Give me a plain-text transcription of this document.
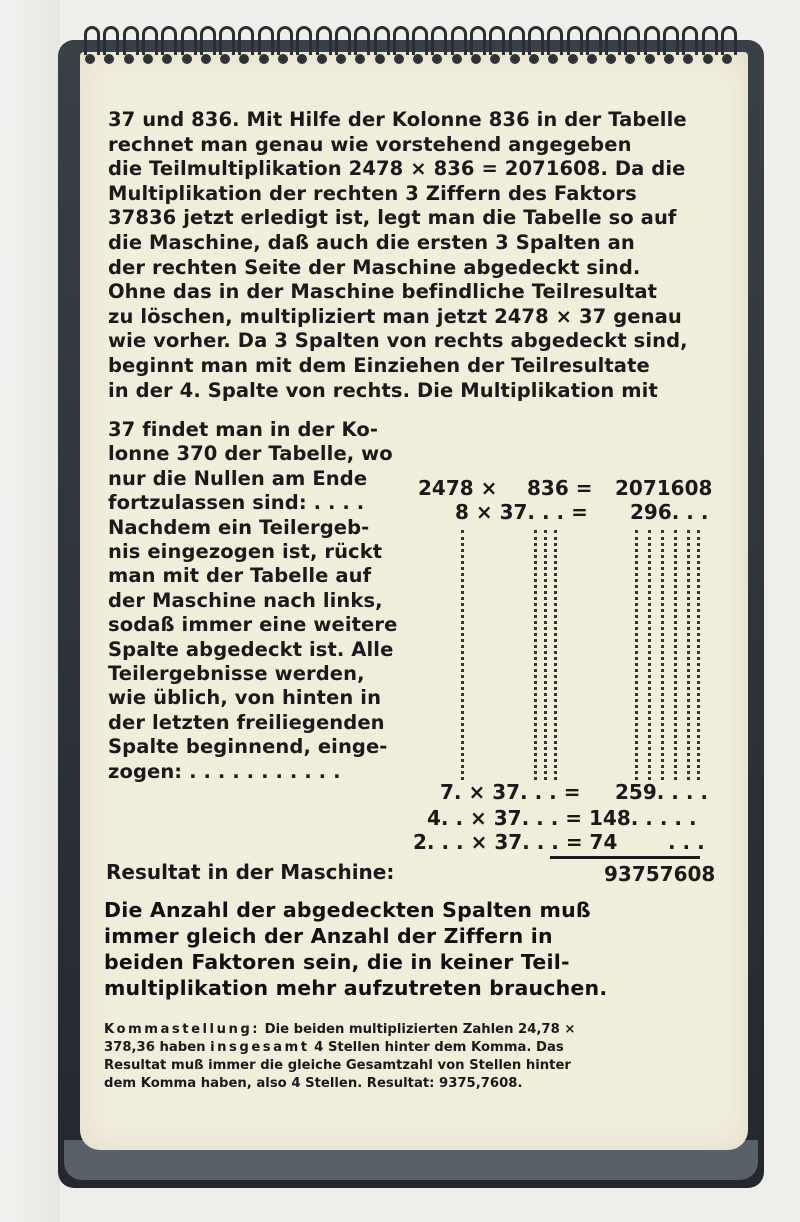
37 und 836. Mit Hilfe der Kolonne 836 in der Tabelle
rechnet man genau wie vorstehend angegeben
die Teilmultiplikation 2478 × 836 = 2071608. Da die
Multiplikation der rechten 3 Ziffern des Faktors
37836 jetzt erledigt ist, legt man die Tabelle so auf
die Maschine, daß auch die ersten 3 Spalten an
der rechten Seite der Maschine abgedeckt sind.
Ohne das in der Maschine befindliche Teilresultat
zu löschen, multipliziert man jetzt 2478 × 37 genau
wie vorher. Da 3 Spalten von rechts abgedeckt sind,
beginnt man mit dem Einziehen der Teilresultate
in der 4. Spalte von rechts. Die Multiplikation mit
37 findet man in der Ko-
lonne 370 der Tabelle, wo
nur die Nullen am Ende
fortzulassen sind: . . . .
Nachdem ein Teilergeb-
nis eingezogen ist, rückt
man mit der Tabelle auf
der Maschine nach links,
sodaß immer eine weitere
Spalte abgedeckt ist. Alle
Teilergebnisse werden,
wie üblich, von hinten in
der letzten freiliegenden
Spalte beginnend, einge-
zogen: . . . . . . . . . . .
2478 × 836 = 2071608
8 × 37. . . = 296. . .
7. × 37. . . = 259. . . .
4. . × 37. . . = 148. . . . .
2. . . × 37. . . = 74	. . .
Resultat in der Maschine:	93757608
Die Anzahl der abgedeckten Spalten muß
immer gleich der Anzahl der Ziffern in
beiden Faktoren sein, die in keiner Teil-
multiplikation mehr aufzutreten brauchen.
Kommastellung: Die beiden multiplizierten Zahlen 24,78 ×
378,36 haben insgesamt 4 Stellen hinter dem Komma. Das
Resultat muß immer die gleiche Gesamtzahl von Stellen hinter
dem Komma haben, also 4 Stellen. Resultat: 9375,7608.
